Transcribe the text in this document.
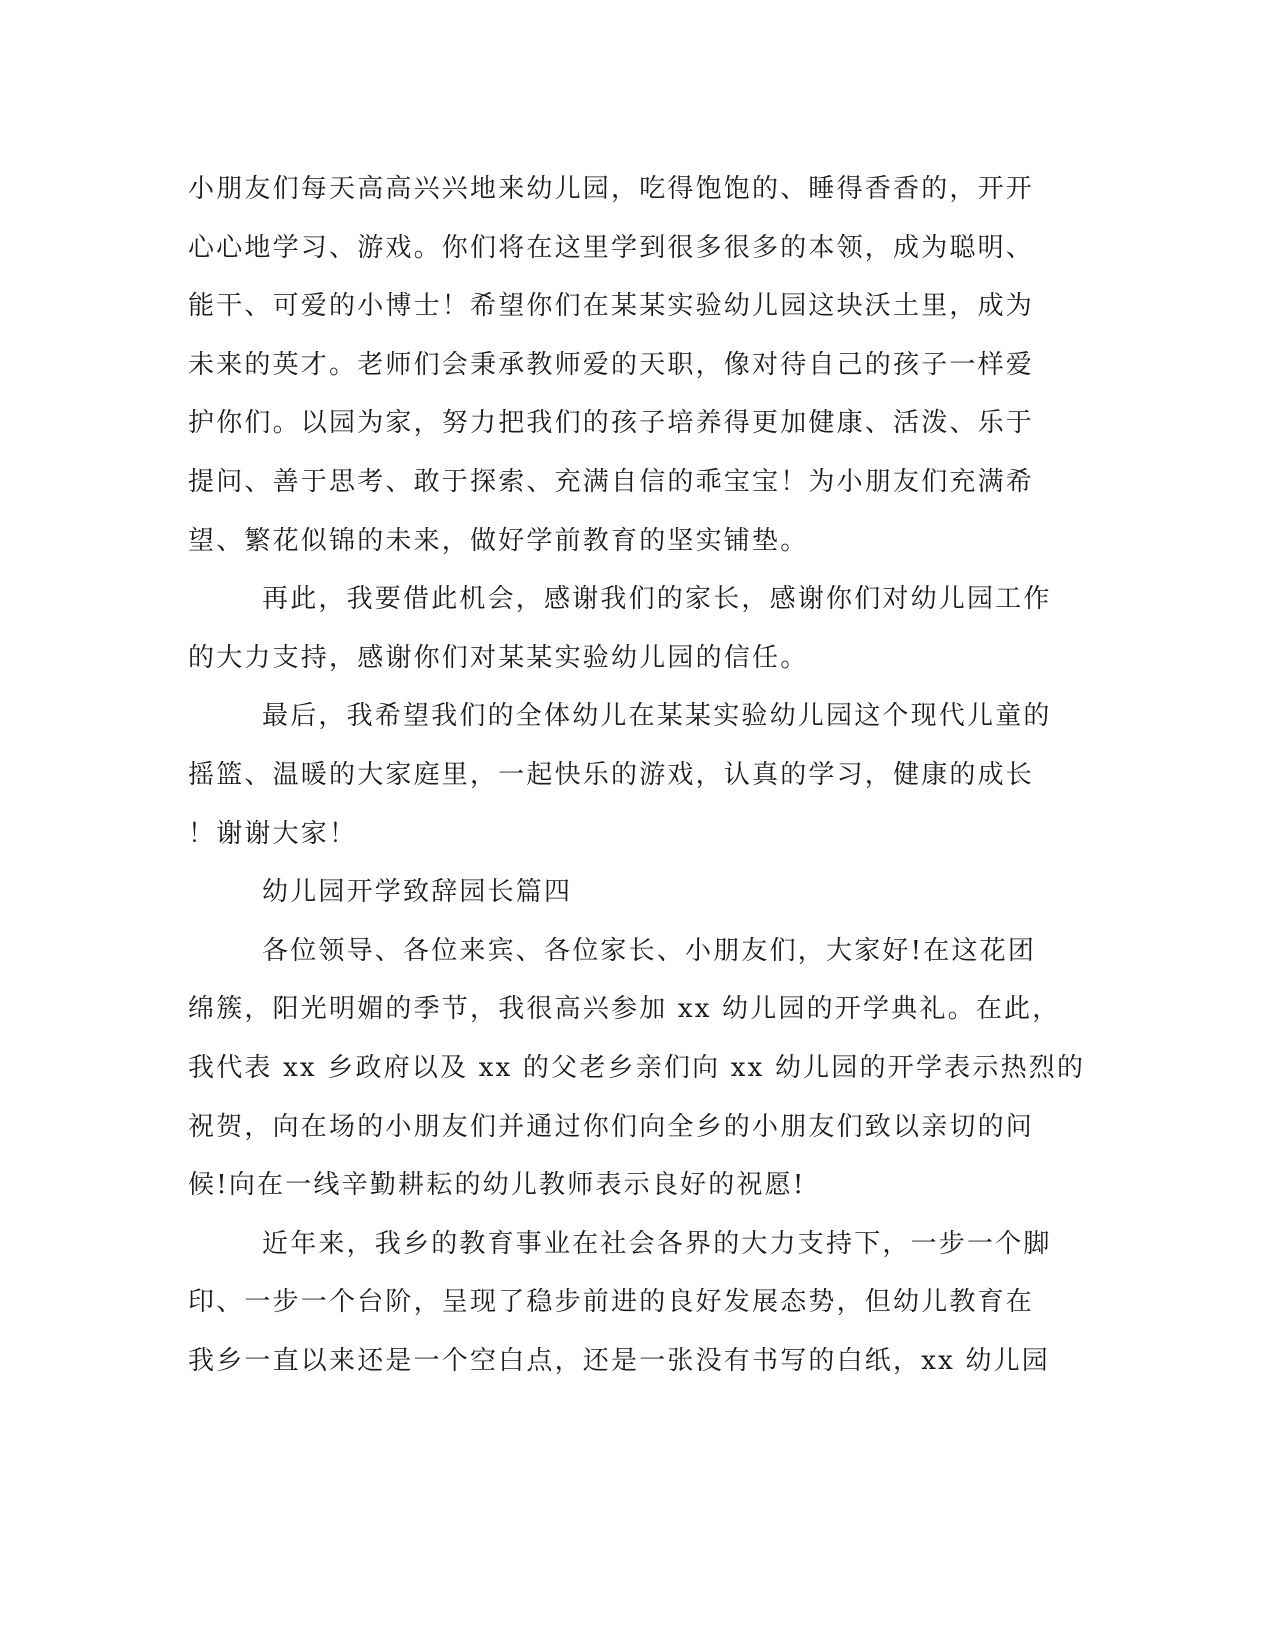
小朋友们每天高高兴兴地来幼儿园，吃得饱饱的、睡得香香的，开开
心心地学习、游戏。你们将在这里学到很多很多的本领，成为聪明、
能干、可爱的小博士！希望你们在某某实验幼儿园这块沃土里，成为
未来的英才。老师们会秉承教师爱的天职，像对待自己的孩子一样爱
护你们。以园为家，努力把我们的孩子培养得更加健康、活泼、乐于
提问、善于思考、敢于探索、充满自信的乖宝宝！为小朋友们充满希
望、繁花似锦的未来，做好学前教育的坚实铺垫。
再此，我要借此机会，感谢我们的家长，感谢你们对幼儿园工作
的大力支持，感谢你们对某某实验幼儿园的信任。
最后，我希望我们的全体幼儿在某某实验幼儿园这个现代儿童的
摇篮、温暖的大家庭里，一起快乐的游戏，认真的学习，健康的成长
！谢谢大家！
幼儿园开学致辞园长篇四
各位领导、各位来宾、各位家长、小朋友们，大家好!在这花团
绵簇，阳光明媚的季节，我很高兴参加 xx 幼儿园的开学典礼。在此，
我代表 xx 乡政府以及 xx 的父老乡亲们向 xx 幼儿园的开学表示热烈的
祝贺，向在场的小朋友们并通过你们向全乡的小朋友们致以亲切的问
候!向在一线辛勤耕耘的幼儿教师表示良好的祝愿!
近年来，我乡的教育事业在社会各界的大力支持下，一步一个脚
印、一步一个台阶，呈现了稳步前进的良好发展态势，但幼儿教育在
我乡一直以来还是一个空白点，还是一张没有书写的白纸，xx 幼儿园
